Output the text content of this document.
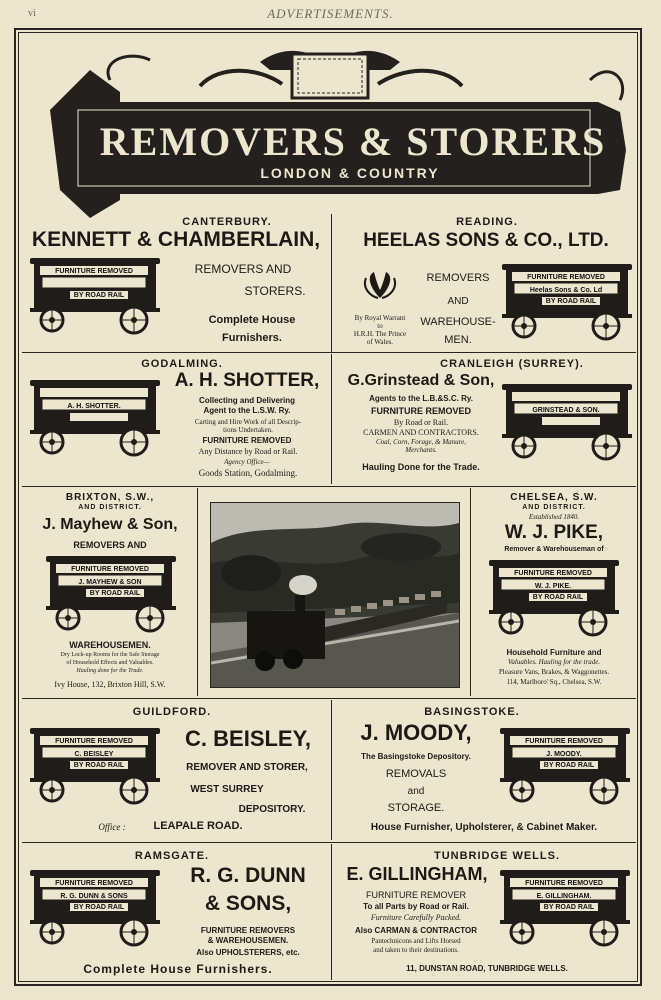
vi	ADVERTISEMENTS.
REMOVERS & STORERS
LONDON & COUNTRY
CANTERBURY.
KENNETT & CHAMBERLAIN,
FURNITURE REMOVED
BY ROAD RAIL
REMOVERS AND
STORERS.
Complete House
Furnishers.
READING.
HEELAS SONS & CO., LTD.
By Royal Warrant
to
H.R.H. The Prince
of Wales.
REMOVERS
AND
WAREHOUSE-
MEN.
FURNITURE REMOVED
Heelas Sons & Co. Ld
BY ROAD RAIL
GODALMING.
A. H. SHOTTER.
A. H. SHOTTER,
Collecting and Delivering
Agent to the L.S.W. Ry.
Carting and Hire Work of all Descrip-
tions Undertaken.
FURNITURE REMOVED
Any Distance by Road or Rail.
Agency Office—
Goods Station, Godalming.
CRANLEIGH (SURREY).
G.Grinstead & Son,
Agents to the L.B.&S.C. Ry.
FURNITURE REMOVED
By Road or Rail.
CARMEN AND CONTRACTORS.
Coal, Corn, Forage, & Manure,
Merchants.
Hauling Done for the Trade.
GRINSTEAD & SON.
BRIXTON, S.W.,
AND DISTRICT.
J. Mayhew & Son,
REMOVERS AND
FURNITURE REMOVED
J. MAYHEW & SON
BY ROAD RAIL
WAREHOUSEMEN.
Dry Lock-up Rooms for the Safe Storage
of Household Effects and Valuables.
Hauling done for the Trade.
Ivy House, 132, Brixton Hill, S.W.
CHELSEA, S.W.
AND DISTRICT.
Established 1840.
W. J. PIKE,
Remover & Warehouseman of
FURNITURE REMOVED
W. J. PIKE.
BY ROAD RAIL
Household Furniture and
Valuables. Hauling for the trade.
Pleasure Vans, Brakes, & Waggonettes.
114, Marlboro' Sq., Chelsea, S.W.
GUILDFORD.
FURNITURE REMOVED
C. BEISLEY
BY ROAD RAIL
C. BEISLEY,
REMOVER AND STORER,
WEST SURREY
DEPOSITORY.
Office :	LEAPALE ROAD.
BASINGSTOKE.
J. MOODY,
The Basingstoke Depository.
REMOVALS
and
STORAGE.
House Furnisher, Upholsterer, & Cabinet Maker.
FURNITURE REMOVED
J. MOODY.
BY ROAD RAIL
RAMSGATE.
FURNITURE REMOVED
R. G. DUNN & SONS
BY ROAD RAIL
R. G. DUNN
& SONS,
FURNITURE REMOVERS
& WAREHOUSEMEN.
Also UPHOLSTERERS, etc.
Complete House Furnishers.
TUNBRIDGE WELLS.
E. GILLINGHAM,
FURNITURE REMOVER
To all Parts by Road or Rail.
Furniture Carefully Packed.
Also CARMAN & CONTRACTOR
Pantechnicons and Lifts Horsed
and taken to their destinations.
11, DUNSTAN ROAD, TUNBRIDGE WELLS.
FURNITURE REMOVED
E. GILLINGHAM.
BY ROAD RAIL
